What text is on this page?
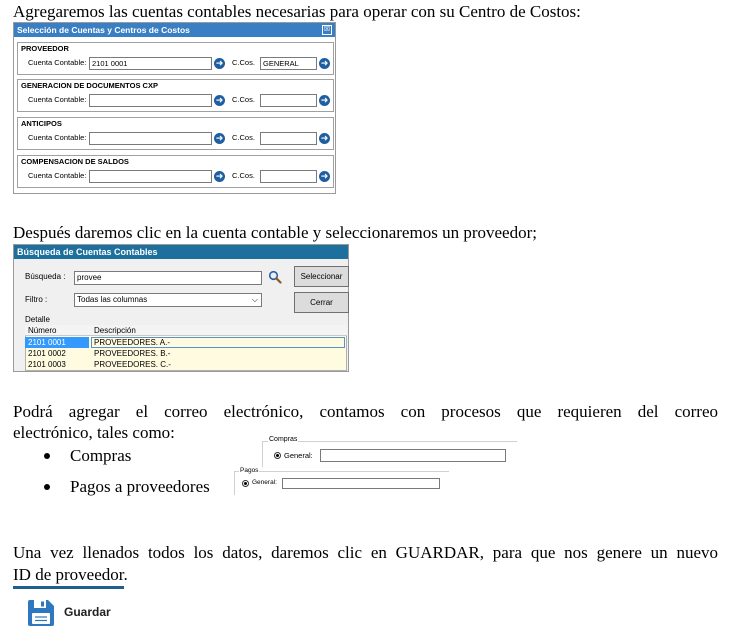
Agregaremos las cuentas contables necesarias para operar con su Centro de Costos:
Selección de Cuentas y Centros de Costos	☒
PROVEEDOR
Cuenta Contable: 2101 0001	➜ C.Cos.	GENERAL	➜
GENERACION DE DOCUMENTOS CXP
Cuenta Contable:	➜ C.Cos.	➜
ANTICIPOS
Cuenta Contable:	➜ C.Cos.	➜
COMPENSACION DE SALDOS
Cuenta Contable:	➜ C.Cos.	➜
Después daremos clic en la cuenta contable y seleccionaremos un proveedor;
Búsqueda de Cuentas Contables
Búsqueda :	provee
Filtro :	Todas las columnas	⌵
Seleccionar
Cerrar
Detalle
Número	Descripción
2101 0001	PROVEEDORES. A.-
2101 0002	PROVEEDORES. B.-
2101 0003	PROVEEDORES. C.-
Podrá agregar el correo electrónico, contamos con procesos que requieren del correo
electrónico, tales como:
Compras
Pagos a proveedores
Compras
General:
Pagos
General:
Una vez llenados todos los datos, daremos clic en GUARDAR, para que nos genere un nuevo
ID de proveedor.
Guardar
